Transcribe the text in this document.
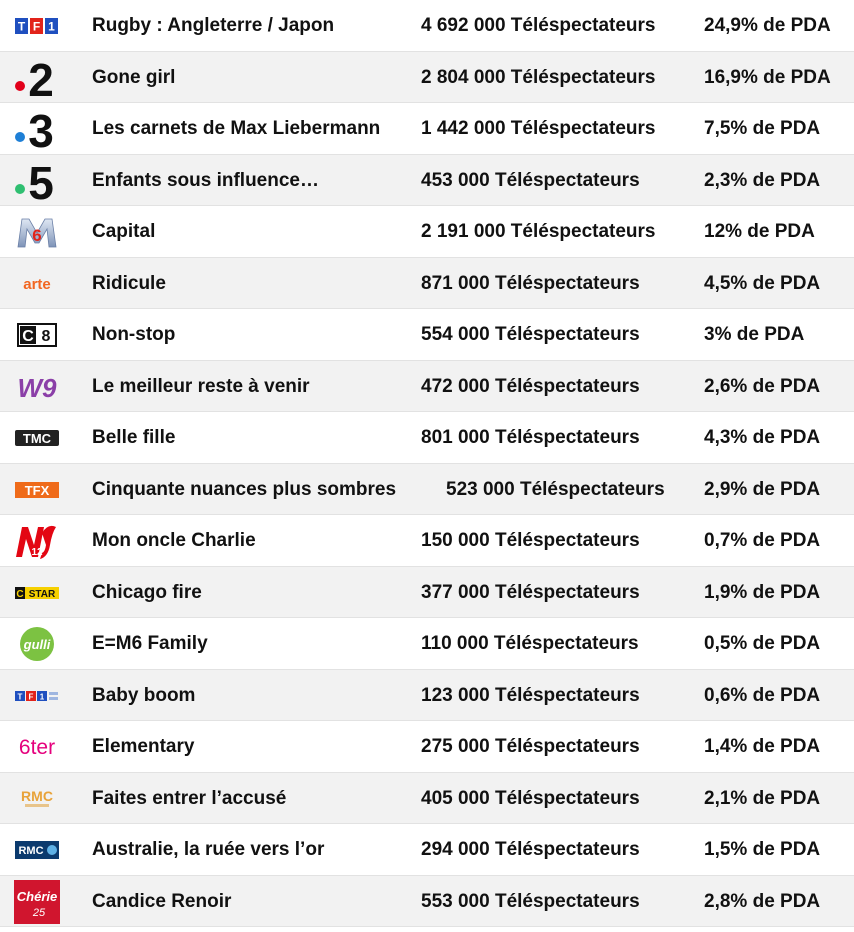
T F 1 Rugby : Angleterre / Japon	4 692 000 Téléspectateurs	24,9% de PDA
2 Gone girl	2 804 000 Téléspectateurs	16,9% de PDA
3 Les carnets de Max Liebermann 1 442 000 Téléspectateurs	7,5% de PDA
5 Enfants sous influence…	453 000 Téléspectateurs	2,3% de PDA
6	Capital	2 191 000 Téléspectateurs	12% de PDA
arte Ridicule	871 000 Téléspectateurs	4,5% de PDA
C 8 Non-stop	554 000 Téléspectateurs	3% de PDA
W9 Le meilleur reste à venir	472 000 Téléspectateurs	2,6% de PDA
TMC Belle fille	801 000 Téléspectateurs	4,3% de PDA
TFX Cinquante nuances plus sombres	523 000 Téléspectateurs 2,9% de PDA
12
Mon oncle Charlie	150 000 Téléspectateurs	0,7% de PDA
C STAR Chicago fire	377 000 Téléspectateurs	1,9% de PDA
gulli E=M6 Family	110 000 Téléspectateurs	0,5% de PDA
T F 1	Baby boom	123 000 Téléspectateurs	0,6% de PDA
6ter Elementary	275 000 Téléspectateurs	1,4% de PDA
RMC Faites entrer l’accusé	405 000 Téléspectateurs	2,1% de PDA
RMC	Australie, la ruée vers l’or	294 000 Téléspectateurs	1,5% de PDA
Chérie
25
Candice Renoir	553 000 Téléspectateurs	2,8% de PDA
